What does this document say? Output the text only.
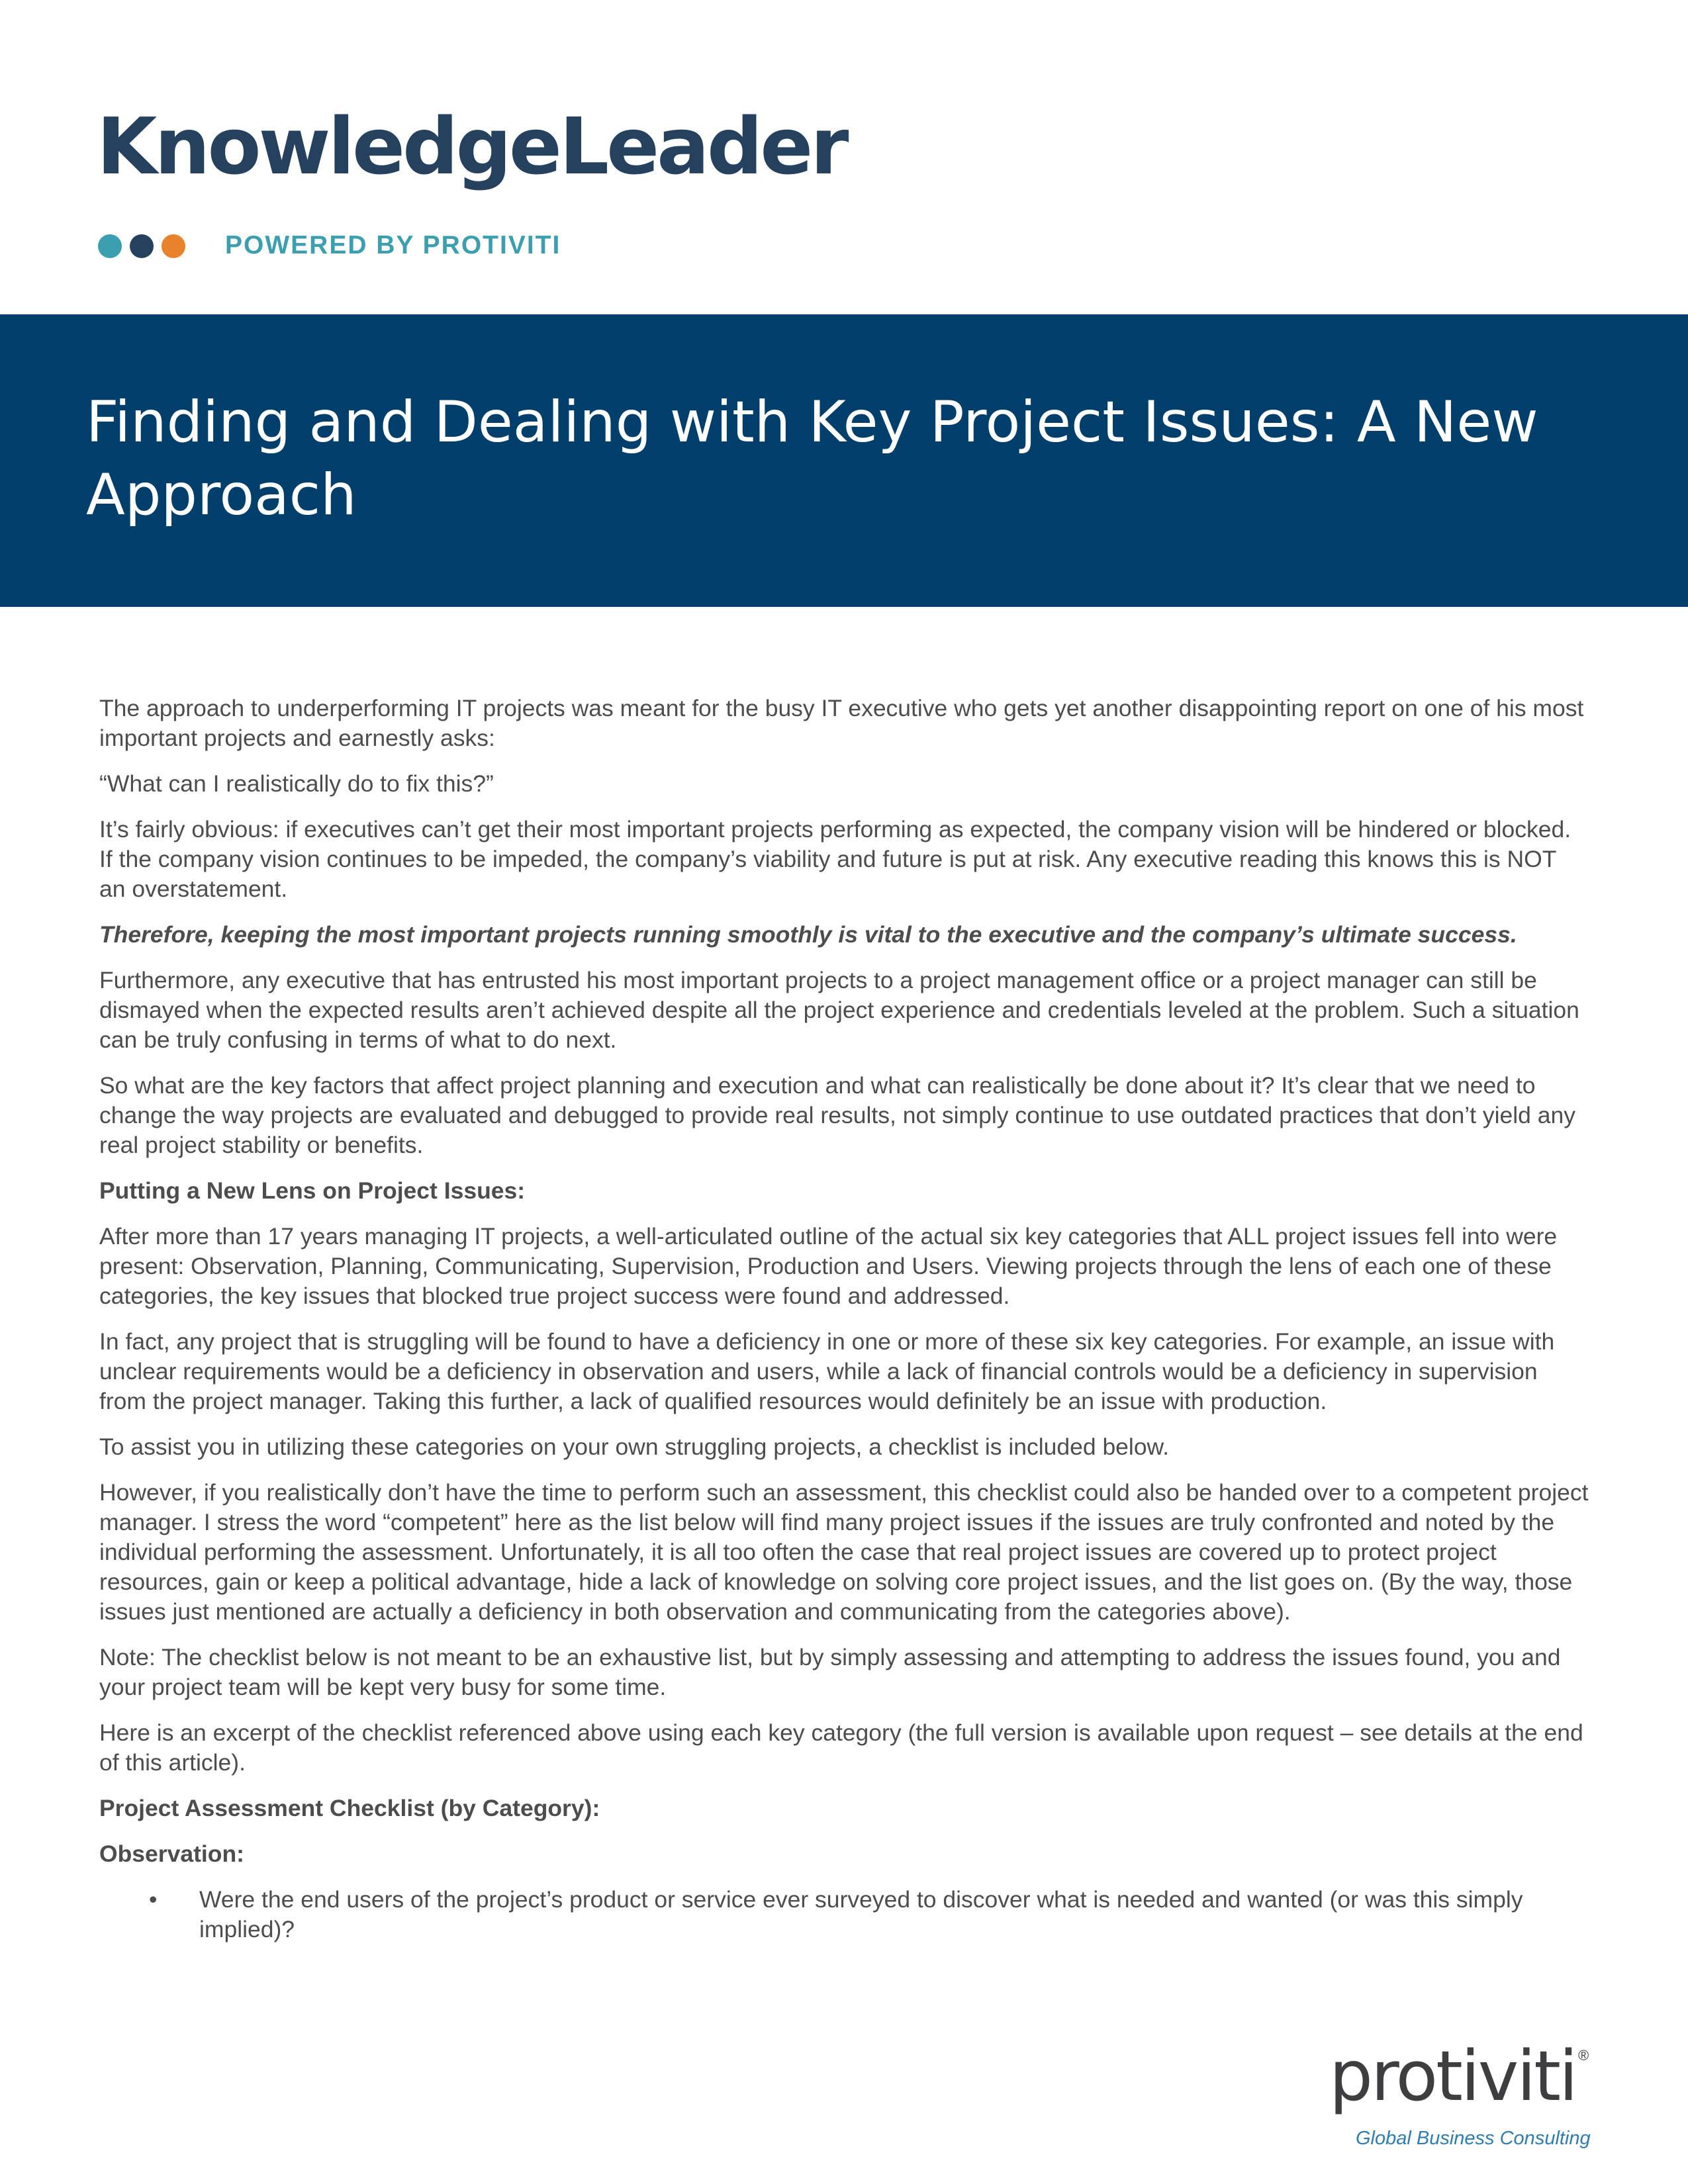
KnowledgeLeader
POWERED BY PROTIVITI
Finding and Dealing with Key Project Issues: A New Approach

The approach to underperforming IT projects was meant for the busy IT executive who gets yet another disappointing report on one of his most important projects and earnestly asks:

“What can I realistically do to fix this?”

It’s fairly obvious: if executives can’t get their most important projects performing as expected, the company vision will be hindered or blocked. If the company vision continues to be impeded, the company’s viability and future is put at risk. Any executive reading this knows this is NOT an overstatement.

Therefore, keeping the most important projects running smoothly is vital to the executive and the company’s ultimate success.

Furthermore, any executive that has entrusted his most important projects to a project management office or a project manager can still be dismayed when the expected results aren’t achieved despite all the project experience and credentials leveled at the problem. Such a situation can be truly confusing in terms of what to do next.

So what are the key factors that affect project planning and execution and what can realistically be done about it? It’s clear that we need to change the way projects are evaluated and debugged to provide real results, not simply continue to use outdated practices that don’t yield any real project stability or benefits.

Putting a New Lens on Project Issues:

After more than 17 years managing IT projects, a well-articulated outline of the actual six key categories that ALL project issues fell into were present: Observation, Planning, Communicating, Supervision, Production and Users. Viewing projects through the lens of each one of these categories, the key issues that blocked true project success were found and addressed.

In fact, any project that is struggling will be found to have a deficiency in one or more of these six key categories. For example, an issue with unclear requirements would be a deficiency in observation and users, while a lack of financial controls would be a deficiency in supervision from the project manager. Taking this further, a lack of qualified resources would definitely be an issue with production.

To assist you in utilizing these categories on your own struggling projects, a checklist is included below.

However, if you realistically don’t have the time to perform such an assessment, this checklist could also be handed over to a competent project manager. I stress the word “competent” here as the list below will find many project issues if the issues are truly confronted and noted by the individual performing the assessment. Unfortunately, it is all too often the case that real project issues are covered up to protect project resources, gain or keep a political advantage, hide a lack of knowledge on solving core project issues, and the list goes on. (By the way, those issues just mentioned are actually a deficiency in both observation and communicating from the categories above).

Note: The checklist below is not meant to be an exhaustive list, but by simply assessing and attempting to address the issues found, you and your project team will be kept very busy for some time.

Here is an excerpt of the checklist referenced above using each key category (the full version is available upon request – see details at the end of this article).

Project Assessment Checklist (by Category):

Observation:

• Were the end users of the project’s product or service ever surveyed to discover what is needed and wanted (or was this simply implied)?
protiviti ®
Global Business Consulting
